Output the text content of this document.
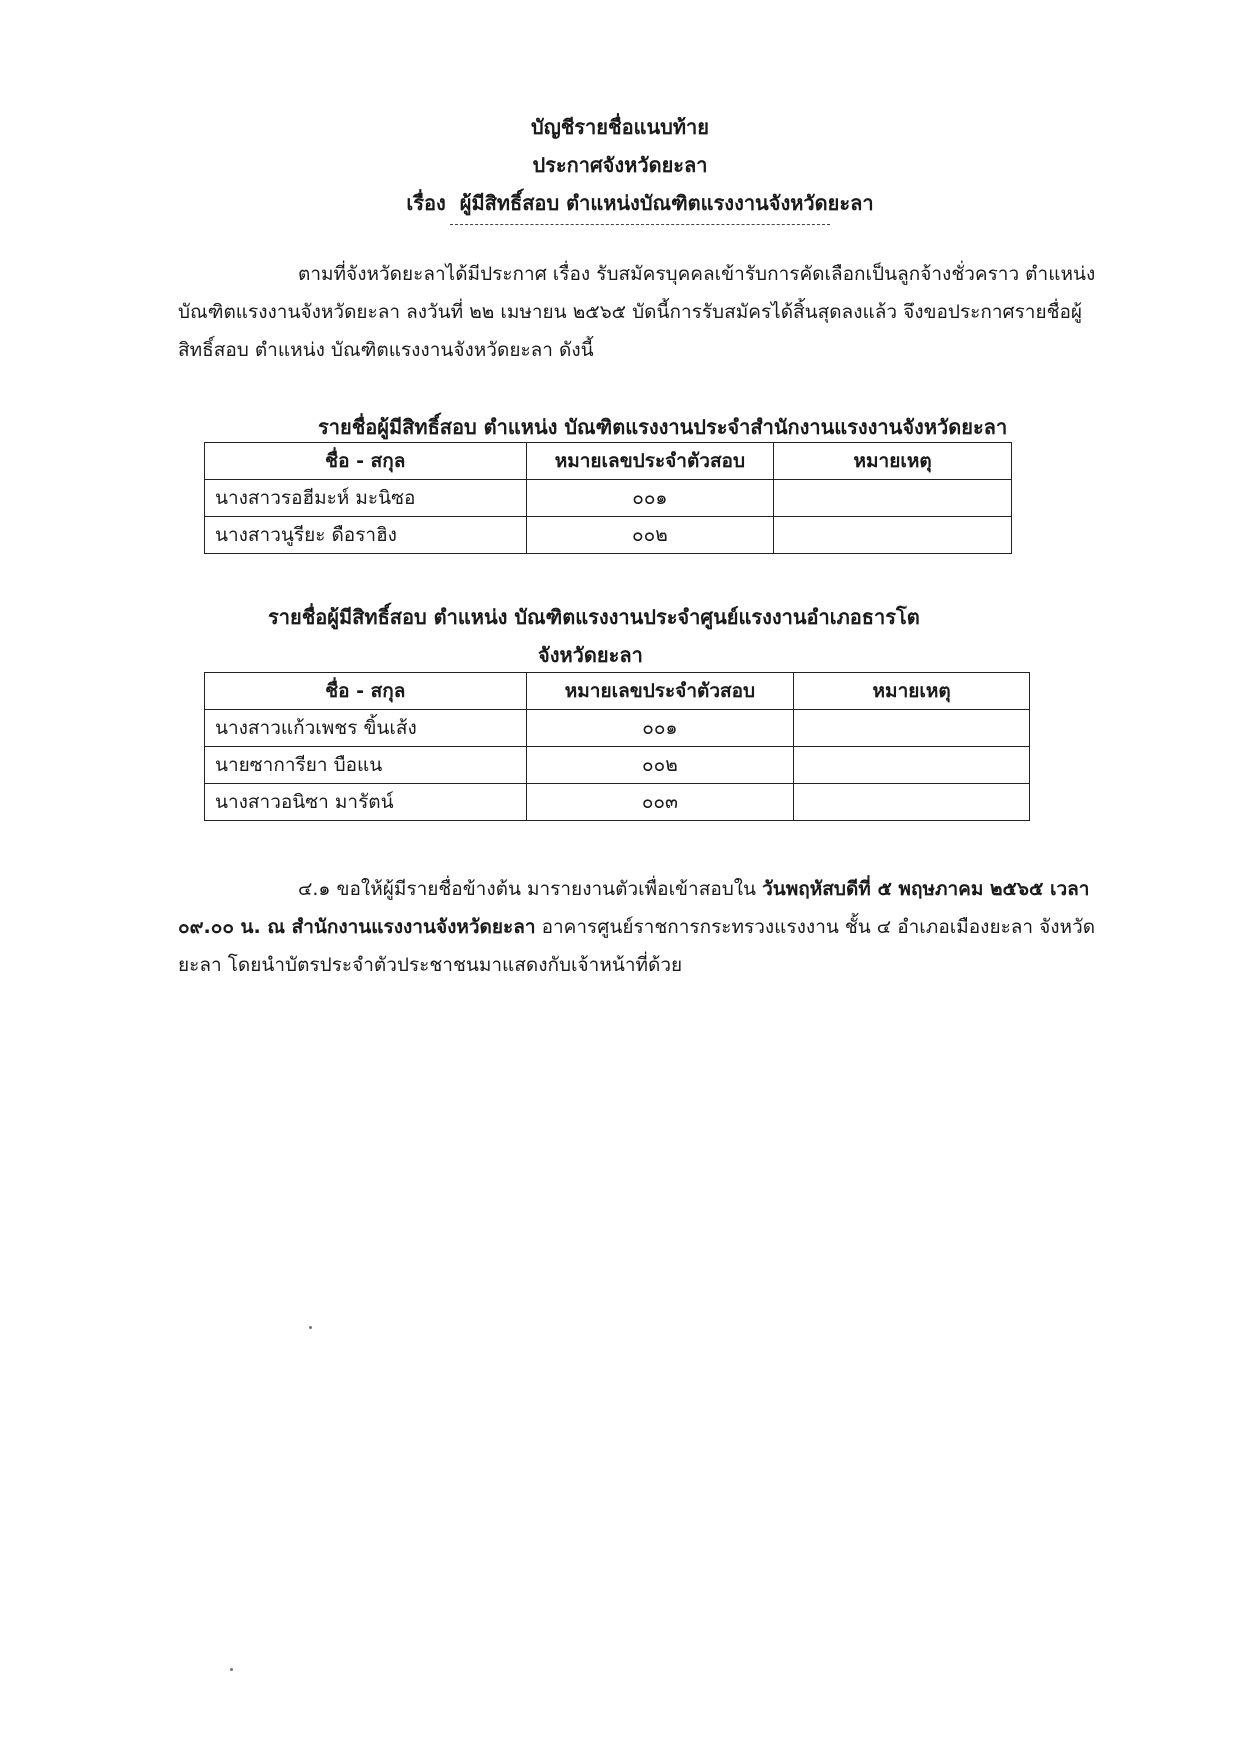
บัญชีรายชื่อแนบท้าย
ประกาศจังหวัดยะลา
เรื่อง ผู้มีสิทธิ์สอบ ตำแหน่งบัณฑิตแรงงานจังหวัดยะลา
ตามที่จังหวัดยะลาได้มีประกาศ เรื่อง รับสมัครบุคคลเข้ารับการคัดเลือกเป็นลูกจ้างชั่วคราว ตำแหน่ง บัณฑิตแรงงานจังหวัดยะลา ลงวันที่ ๒๒ เมษายน ๒๕๖๕ บัดนี้การรับสมัครได้สิ้นสุดลงแล้ว จึงขอประกาศรายชื่อผู้สิทธิ์สอบ ตำแหน่ง บัณฑิตแรงงานจังหวัดยะลา ดังนี้
รายชื่อผู้มีสิทธิ์สอบ ตำแหน่ง บัณฑิตแรงงานประจำสำนักงานแรงงานจังหวัดยะลา
ชื่อ - สกุล	หมายเลขประจำตัวสอบ	หมายเหตุ
นางสาวรอฮีมะห์ มะนิซอ	๐๐๑	
นางสาวนูรียะ ดือราฮิง	๐๐๒	
รายชื่อผู้มีสิทธิ์สอบ ตำแหน่ง บัณฑิตแรงงานประจำศูนย์แรงงานอำเภอธารโต
จังหวัดยะลา
ชื่อ - สกุล	หมายเลขประจำตัวสอบ	หมายเหตุ
นางสาวแก้วเพชร ขิ้นเส้ง	๐๐๑	
นายซาการียา บือแน	๐๐๒	
นางสาวอนิซา มารัตน์	๐๐๓	
๔.๑ ขอให้ผู้มีรายชื่อข้างต้น มารายงานตัวเพื่อเข้าสอบใน วันพฤหัสบดีที่ ๕ พฤษภาคม ๒๕๖๕ เวลา ๐๙.๐๐ น. ณ สำนักงานแรงงานจังหวัดยะลา อาคารศูนย์ราชการกระทรวงแรงงาน ชั้น ๔ อำเภอเมืองยะลา จังหวัดยะลา โดยนำบัตรประจำตัวประชาชนมาแสดงกับเจ้าหน้าที่ด้วย
